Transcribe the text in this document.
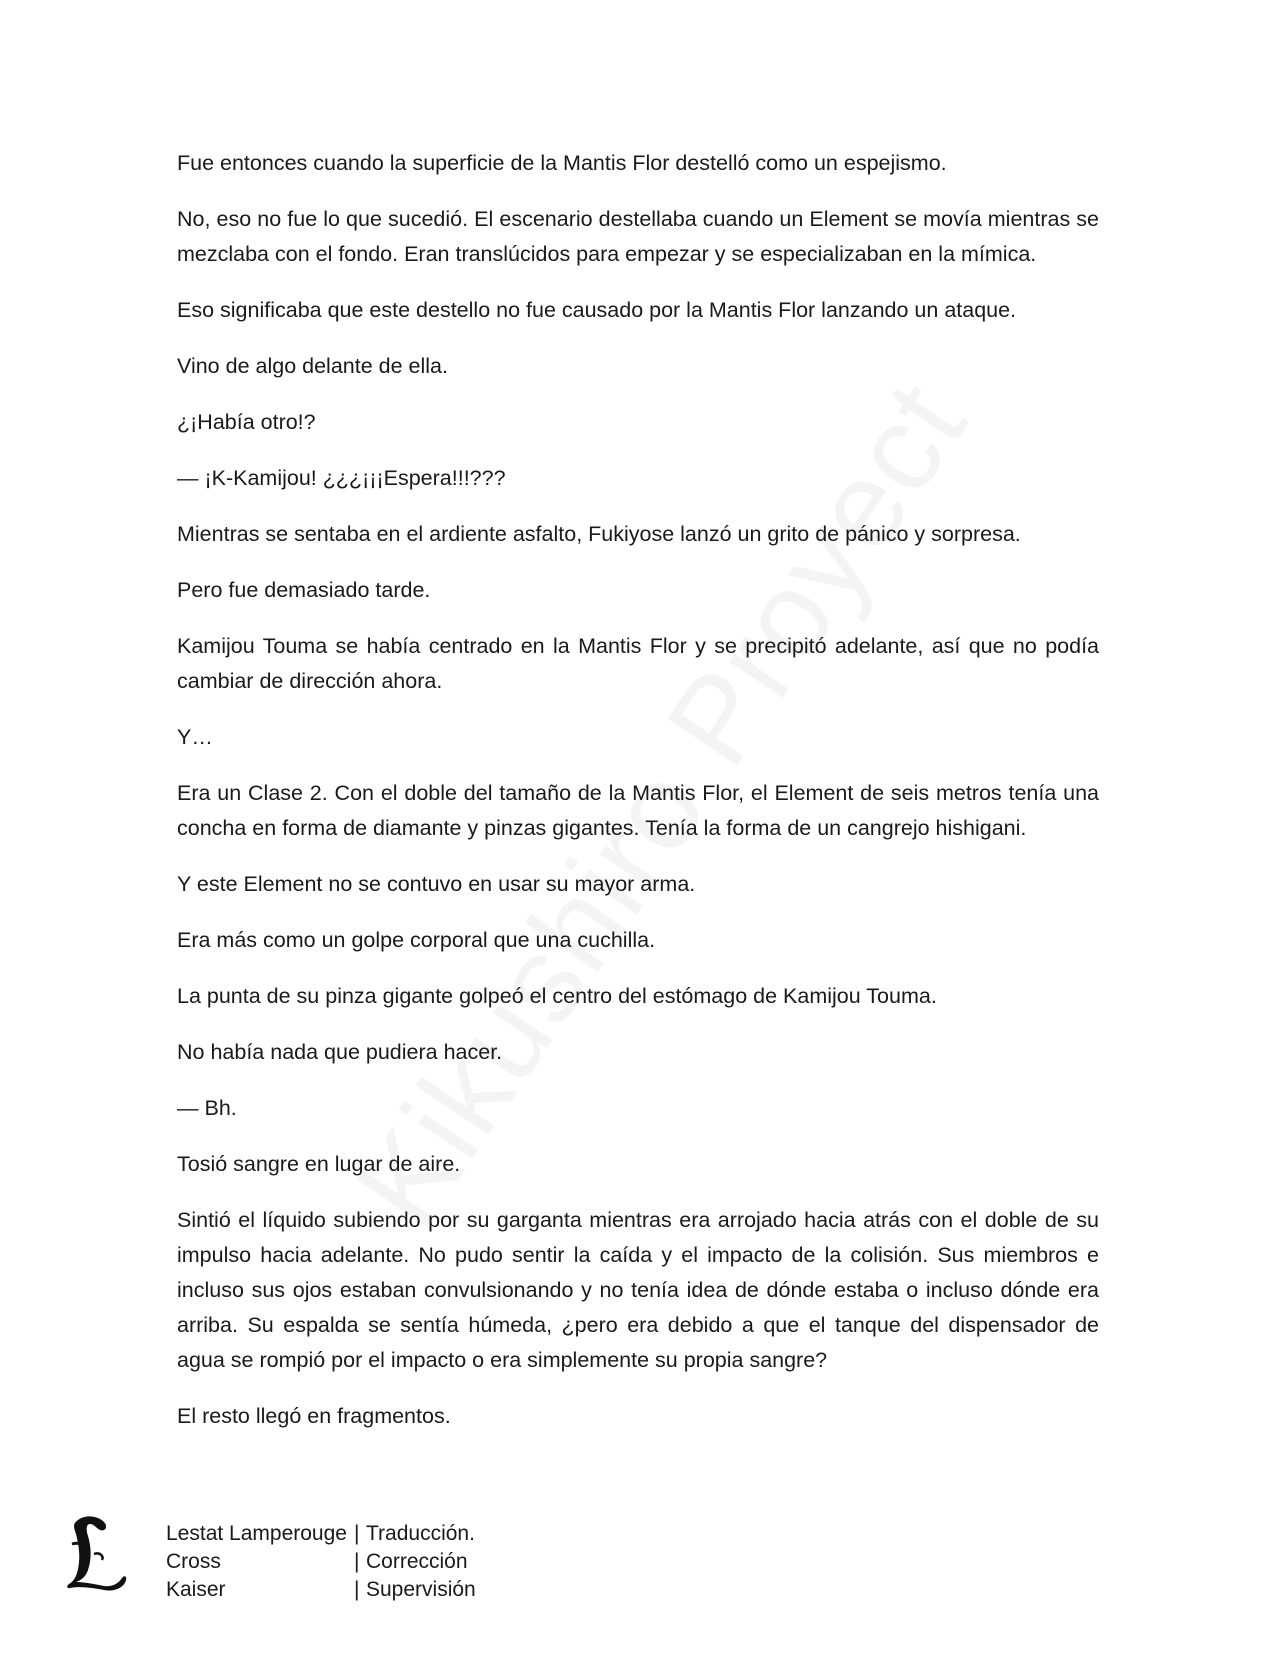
Fue entonces cuando la superficie de la Mantis Flor destelló como un espejismo.

No, eso no fue lo que sucedió. El escenario destellaba cuando un Element se movía mientras se mezclaba con el fondo. Eran translúcidos para empezar y se especializaban en la mímica.

Eso significaba que este destello no fue causado por la Mantis Flor lanzando un ataque.

Vino de algo delante de ella.

¿¡Había otro!?

— ¡K-Kamijou! ¿¿¿¡¡¡Espera!!!???

Mientras se sentaba en el ardiente asfalto, Fukiyose lanzó un grito de pánico y sorpresa.

Pero fue demasiado tarde.

Kamijou Touma se había centrado en la Mantis Flor y se precipitó adelante, así que no podía cambiar de dirección ahora.

Y…

Era un Clase 2. Con el doble del tamaño de la Mantis Flor, el Element de seis metros tenía una concha en forma de diamante y pinzas gigantes. Tenía la forma de un cangrejo hishigani.

Y este Element no se contuvo en usar su mayor arma.

Era más como un golpe corporal que una cuchilla.

La punta de su pinza gigante golpeó el centro del estómago de Kamijou Touma.

No había nada que pudiera hacer.

— Bh.

Tosió sangre en lugar de aire.

Sintió el líquido subiendo por su garganta mientras era arrojado hacia atrás con el doble de su impulso hacia adelante. No pudo sentir la caída y el impacto de la colisión. Sus miembros e incluso sus ojos estaban convulsionando y no tenía idea de dónde estaba o incluso dónde era arriba. Su espalda se sentía húmeda, ¿pero era debido a que el tanque del dispensador de agua se rompió por el impacto o era simplemente su propia sangre?

El resto llegó en fragmentos.

Lestat Lamperouge | Traducción.
Cross	| Corrección
Kaiser	| Supervisión
